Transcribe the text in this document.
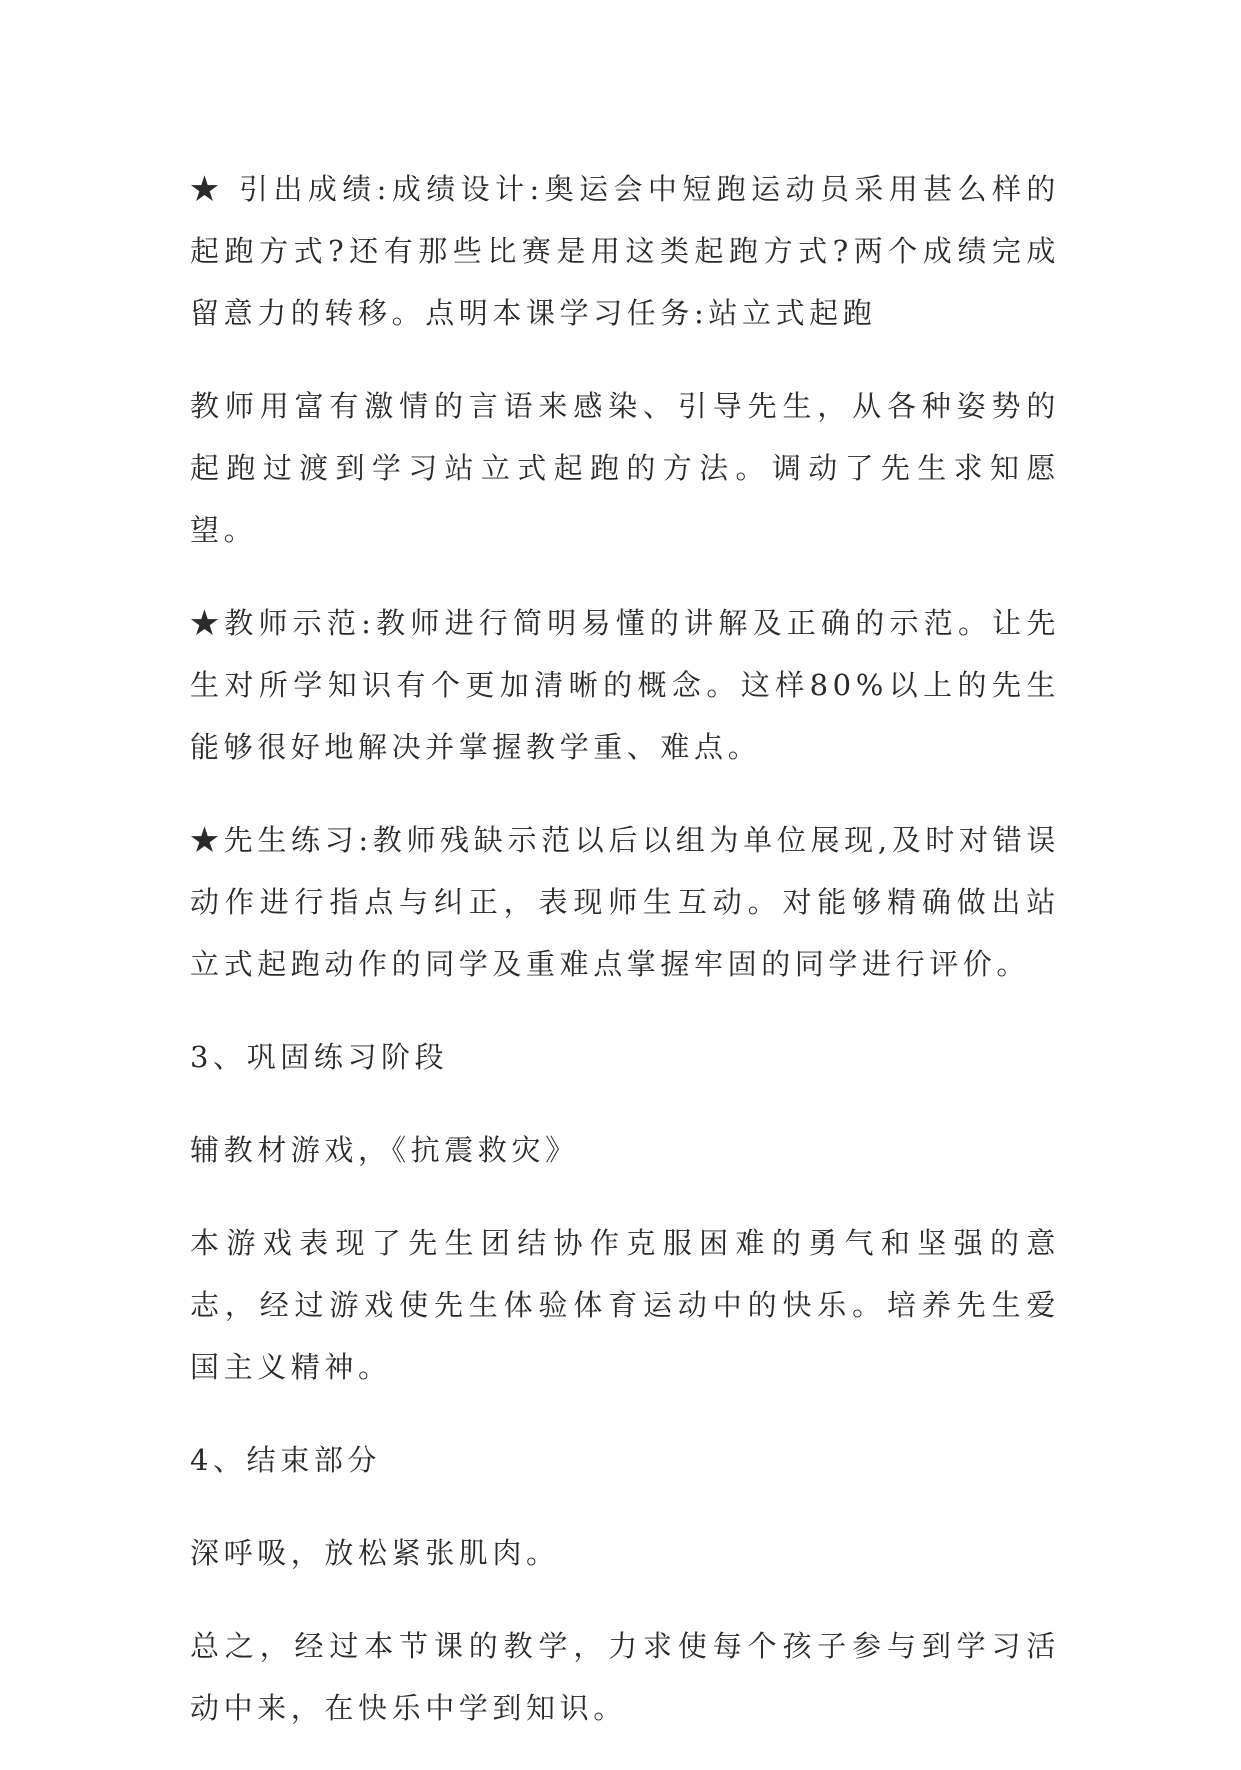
★ 引出成绩:成绩设计:奥运会中短跑运动员采用甚么样的起跑方式?还有那些比赛是用这类起跑方式?两个成绩完成留意力的转移。点明本课学习任务:站立式起跑

教师用富有激情的言语来感染、引导先生，从各种姿势的起跑过渡到学习站立式起跑的方法。调动了先生求知愿望。

★教师示范:教师进行简明易懂的讲解及正确的示范。让先生对所学知识有个更加清晰的概念。这样80%以上的先生能够很好地解决并掌握教学重、难点。

★先生练习:教师残缺示范以后以组为单位展现,及时对错误动作进行指点与纠正，表现师生互动。对能够精确做出站立式起跑动作的同学及重难点掌握牢固的同学进行评价。

3、巩固练习阶段

辅教材游戏，《抗震救灾》

本游戏表现了先生团结协作克服困难的勇气和坚强的意志，经过游戏使先生体验体育运动中的快乐。培养先生爱国主义精神。

4、结束部分

深呼吸，放松紧张肌肉。

总之，经过本节课的教学，力求使每个孩子参与到学习活动中来，在快乐中学到知识。
